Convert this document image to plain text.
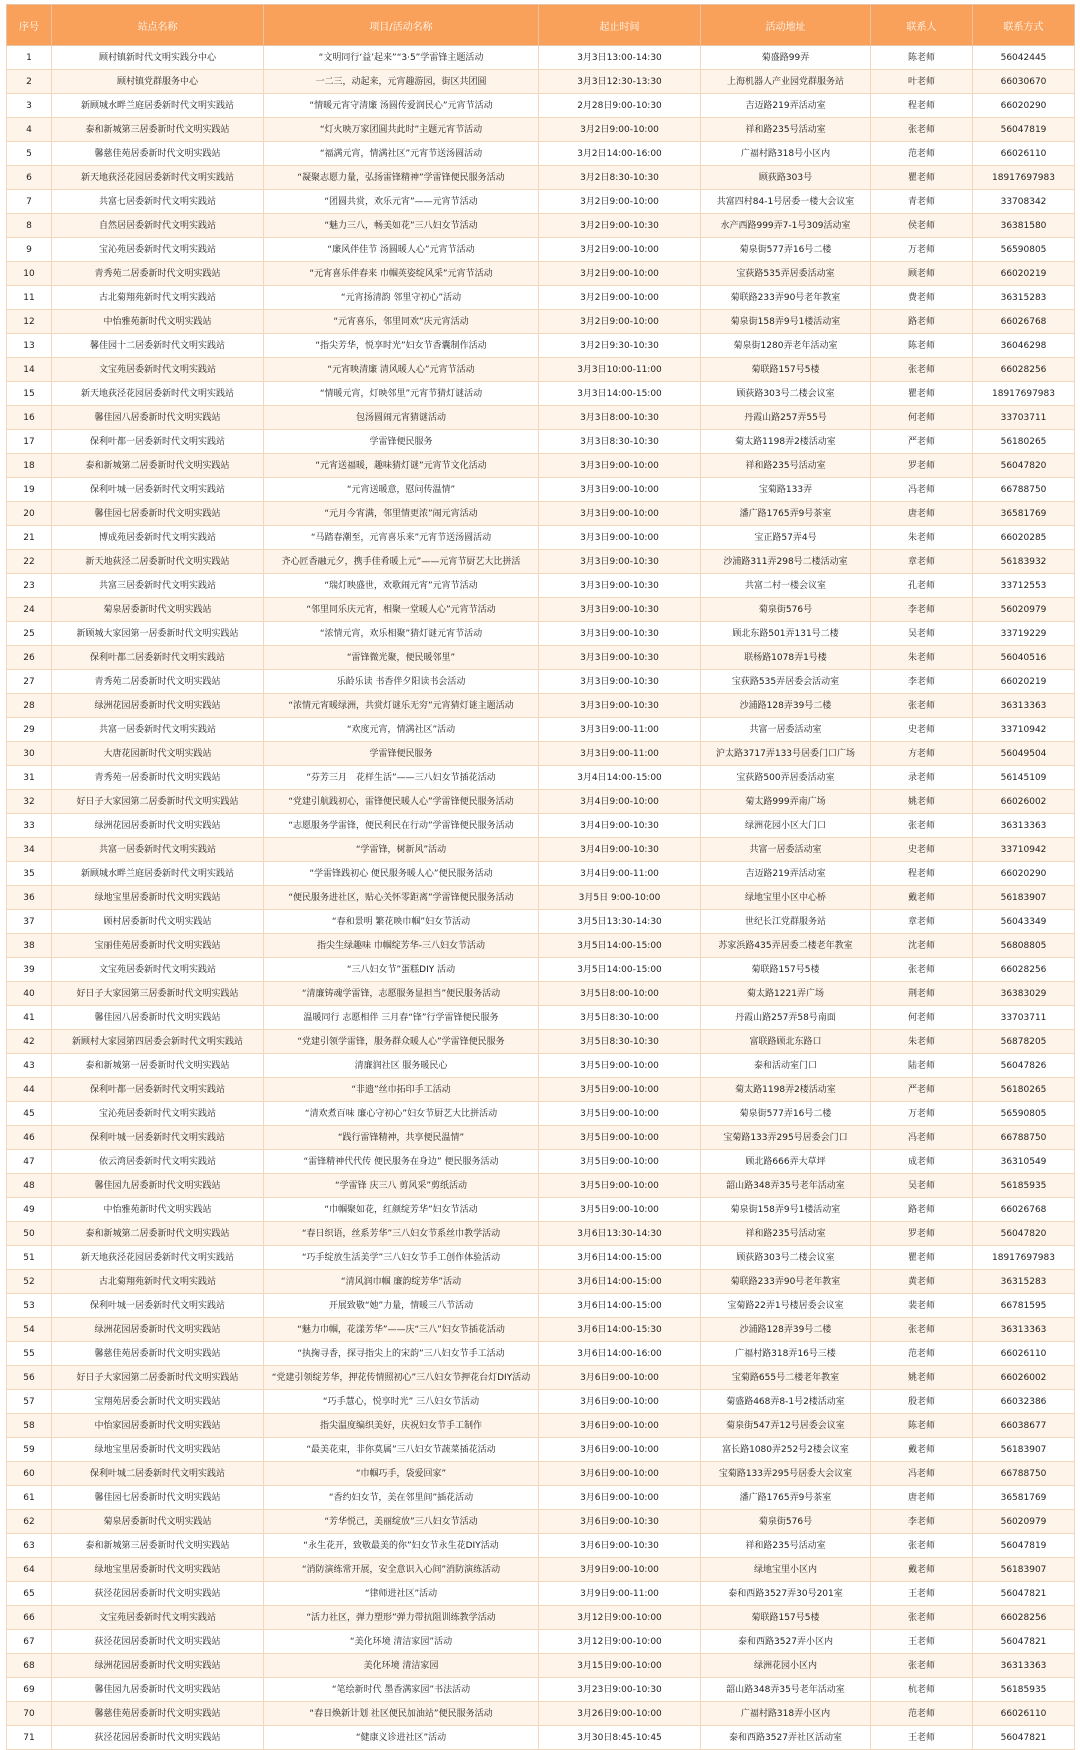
序号	站点名称	项目/活动名称	起止时间	活动地址	联系人	联系方式
1	顾村镇新时代文明实践分中心	“文明同行‘益’起来”“3·5”学雷锋主题活动	3月3日13:00-14:30	菊盛路99弄	陈老师	56042445
2	顾村镇党群服务中心	一二三，动起来，元宵趣游园，街区共团圆	3月3日12:30-13:30	上海机器人产业园党群服务站	叶老师	66030670
3	新顾城水畔兰庭居委新时代文明实践站	“情暖元宵守清廉 汤圆传爱润民心”元宵节活动	2月28日9:00-10:30	吉迈路219弄活动室	程老师	66020290
4	泰和新城第三居委新时代文明实践站	“灯火映万家团圆共此时”主题元宵节活动	3月2日9:00-10:00	祥和路235号活动室	张老师	56047819
5	馨慈佳苑居委新时代文明实践站	“福满元宵，情满社区”元宵节送汤圆活动	3月2日14:00-16:00	广福村路318号小区内	范老师	66026110
6	新天地荻泾花园居委新时代文明实践站	“凝聚志愿力量，弘扬雷锋精神”学雷锋便民服务活动	3月2日8:30-10:30	顾荻路303号	瞿老师	18917697983
7	共富七居委新时代文明实践站	“团圆共赏，欢乐元宵”——元宵节活动	3月2日9:00-10:00	共富四村84-1号居委一楼大会议室	青老师	33708342
8	自然居居委新时代文明实践站	“魅力三八，畅美如花”三八妇女节活动	3月2日9:00-10:30	水产西路999弄7-1号309活动室	侯老师	36381580
9	宝沁苑居委新时代文明实践站	“廉风伴佳节 汤圆暖人心”元宵节活动	3月2日9:00-10:00	菊泉街577弄16号二楼	万老师	56590805
10	青秀苑二居委新时代文明实践站	“元宵喜乐伴春来 巾帼英姿绽风采”元宵节活动	3月2日9:00-10:00	宝荻路535弄居委活动室	顾老师	66020219
11	古北菊翔苑新时代文明实践站	“元宵扬清韵 邻里守初心”活动	3月2日9:00-10:00	菊联路233弄90号老年教室	费老师	36315283
12	中怡雅苑新时代文明实践站	“元宵喜乐，邻里同欢”庆元宵活动	3月2日9:00-10:00	菊泉街158弄9号1楼活动室	路老师	66026768
13	馨佳园十二居委新时代文明实践站	“指尖芳华，悦享时光”妇女节香囊制作活动	3月2日9:30-10:30	菊泉街1280弄老年活动室	陈老师	36046298
14	文宝苑居委新时代文明实践站	“元宵映清廉 清风暖人心”元宵节活动	3月3日10:00-11:00	菊联路157号5楼	张老师	66028256
15	新天地荻泾花园居委新时代文明实践站	“情暖元宵，灯映邻里”元宵节猜灯谜活动	3月3日14:00-15:00	顾荻路303号二楼会议室	瞿老师	18917697983
16	馨佳园八居委新时代文明实践站	包汤圆闹元宵猜谜活动	3月3日8:00-10:30	丹霞山路257弄55号	何老师	33703711
17	保利叶都一居委新时代文明实践站	学雷锋便民服务	3月3日8:30-10:30	菊太路1198弄2楼活动室	严老师	56180265
18	泰和新城第二居委新时代文明实践站	“元宵送福暖，趣味猜灯谜”元宵节文化活动	3月3日9:00-10:00	祥和路235号活动室	罗老师	56047820
19	保利叶城一居委新时代文明实践站	“元宵送暖意，慰问传温情”	3月3日9:00-10:00	宝菊路133弄	冯老师	66788750
20	馨佳园七居委新时代文明实践站	“元月今宵满，邻里情更浓”闹元宵活动	3月3日9:00-10:00	潘广路1765弄9号茶室	唐老师	36581769
21	博成苑居委新时代文明实践站	“马踏春潮至，元宵喜乐来”元宵节送汤圆活动	3月3日9:00-10:00	宝正路57弄4号	朱老师	66020285
22	新天地荻泾二居委新时代文明实践站	齐心匠香融元夕，携手佳肴暖上元”——元宵节厨艺大比拼活	3月3日9:00-10:30	沙浦路311弄298号二楼活动室	章老师	56183932
23	共富三居委新时代文明实践站	“瑞灯映盛世，欢歌闹元宵”元宵节活动	3月3日9:00-10:30	共富二村一楼会议室	孔老师	33712553
24	菊泉居委新时代文明实践站	“邻里同乐庆元宵，相聚一堂暖人心”元宵节活动	3月3日9:00-10:30	菊泉街576号	李老师	56020979
25	新顾城大家园第一居委新时代文明实践站	“浓情元宵，欢乐相聚”猜灯谜元宵节活动	3月3日9:00-10:30	顾北东路501弄131号二楼	吴老师	33719229
26	保利叶都二居委新时代文明实践站	“雷锋微光聚，便民暖邻里”	3月3日9:00-10:30	联杨路1078弄1号楼	朱老师	56040516
27	青秀苑二居委新时代文明实践站	乐龄乐读 书香伴夕阳读书会活动	3月3日9:00-10:30	宝荻路535弄居委会活动室	李老师	66020219
28	绿洲花园居委新时代文明实践站	“浓情元宵暖绿洲，共赏灯谜乐无穷”元宵猜灯谜主题活动	3月3日9:00-10:30	沙浦路128弄39号二楼	张老师	36313363
29	共富一居委新时代文明实践站	“欢度元宵，情满社区”活动	3月3日9:00-11:00	共富一居委活动室	史老师	33710942
30	大唐花园新时代文明实践站	学雷锋便民服务	3月3日9:00-11:00	沪太路3717弄133号居委门口广场	方老师	56049504
31	青秀苑一居委新时代文明实践站	“芬芳三月　花样生活”——三八妇女节插花活动	3月4日14:00-15:00	宝荻路500弄居委活动室	录老师	56145109
32	好日子大家园第二居委新时代文明实践站	“党建引航践初心，雷锋便民暖人心”学雷锋便民服务活动	3月4日9:00-10:00	菊太路999弄南广场	姚老师	66026002
33	绿洲花园居委新时代文明实践站	“志愿服务学雷锋，便民利民在行动”学雷锋便民服务活动	3月4日9:00-10:30	绿洲花园小区大门口	张老师	36313363
34	共富一居委新时代文明实践站	“学雷锋，树新风”活动	3月4日9:00-10:30	共富一居委活动室	史老师	33710942
35	新顾城水畔兰庭居委新时代文明实践站	“学雷锋践初心 便民服务暖人心”便民服务活动	3月4日9:00-11:00	吉迈路219弄活动室	程老师	66020290
36	绿地宝里居委新时代文明实践站	“便民服务进社区，贴心关怀零距离”学雷锋便民服务活动	3月5日 9:00-10:00	绿地宝里小区中心桥	戴老师	56183907
37	顾村居委新时代文明实践站	“春和景明 繁花映巾帼”妇女节活动	3月5日13:30-14:30	世纪长江党群服务站	章老师	56043349
38	宝丽佳苑居委新时代文明实践站	指尖生绿趣味 巾帼绽芳华-三八妇女节活动	3月5日14:00-15:00	苏家浜路435弄居委二楼老年教室	沈老师	56808805
39	文宝苑居委新时代文明实践站	“三八妇女节”蛋糕DIY 活动	3月5日14:00-15:00	菊联路157号5楼	张老师	66028256
40	好日子大家园第三居委新时代文明实践站	“清廉铸魂学雷锋，志愿服务显担当”便民服务活动	3月5日8:00-10:00	菊太路1221弄广场	荆老师	36383029
41	馨佳园八居委新时代文明实践站	温暖同行 志愿相伴 三月春“锋”行学雷锋便民服务	3月5日8:30-10:00	丹霞山路257弄58号南面	何老师	33703711
42	新顾村大家园第四居委会新时代文明实践站	“党建引领学雷锋，服务群众暖人心”学雷锋便民服务	3月5日8:30-10:30	富联路顾北东路口	朱老师	56878205
43	泰和新城第一居委新时代文明实践站	清廉润社区 服务暖民心	3月5日9:00-10:00	泰和活动室门口	陆老师	56047826
44	保利叶都一居委新时代文明实践站	“非遗”丝巾拓印手工活动	3月5日9:00-10:00	菊太路1198弄2楼活动室	严老师	56180265
45	宝沁苑居委新时代文明实践站	“清欢煮百味 廉心守初心”妇女节厨艺大比拼活动	3月5日9:00-10:00	菊泉街577弄16号二楼	万老师	56590805
46	保利叶城一居委新时代文明实践站	“践行雷锋精神，共享便民温情”	3月5日9:00-10:00	宝菊路133弄295号居委会门口	冯老师	66788750
47	依云湾居委新时代文明实践站	“雷锋精神代代传 便民服务在身边” 便民服务活动	3月5日9:00-10:00	顾北路666弄大草坪	成老师	36310549
48	馨佳园九居委新时代文明实践站	“学雷锋 庆三八 剪风采”剪纸活动	3月5日9:00-10:00	韶山路348弄35号老年活动室	吴老师	56185935
49	中怡雅苑新时代文明实践站	“巾帼聚如花，红颜绽芳华”妇女节活动	3月5日9:00-10:00	菊泉街158弄9号1楼活动室	路老师	66026768
50	泰和新城第二居委新时代文明实践站	“春日织语，丝系芳华”三八妇女节系丝巾教学活动	3月6日13:30-14:30	祥和路235号活动室	罗老师	56047820
51	新天地荻泾花园居委新时代文明实践站	“巧手绽放生活美学”三八妇女节手工创作体验活动	3月6日14:00-15:00	顾荻路303号二楼会议室	瞿老师	18917697983
52	古北菊翔苑新时代文明实践站	“清风润巾帼 廉韵绽芳华”活动	3月6日14:00-15:00	菊联路233弄90号老年教室	黄老师	36315283
53	保利叶城一居委新时代文明实践站	开展致敬“她”力量，情暖三八节活动	3月6日14:00-15:00	宝菊路22弄1号楼居委会议室	裴老师	66781595
54	绿洲花园居委新时代文明实践站	“魅力巾帼，花漾芳华”——庆“三八”妇女节插花活动	3月6日14:00-15:30	沙浦路128弄39号二楼	张老师	36313363
55	馨慈佳苑居委新时代文明实践站	“执掬寻香，探寻指尖上的宋韵”三八妇女节手工活动	3月6日14:00-16:00	广福村路318弄16号三楼	范老师	66026110
56	好日子大家园第二居委新时代文明实践站	“党建引领绽芳华，押花传情照初心”三八妇女节押花台灯DIY活动	3月6日9:00-10:00	宝菊路655号二楼老年教室	姚老师	66026002
57	宝翔苑居委会新时代文明实践站	“巧手慧心，悦享时光” 三八妇女节活动	3月6日9:00-10:00	菊盛路468弄8-1号2楼活动室	殷老师	66032386
58	中怡家园居委新时代文明实践站	指尖温度编织美好，庆祝妇女节手工制作	3月6日9:00-10:00	菊泉街547弄12号居委会议室	陈老师	66038677
59	绿地宝里居委新时代文明实践站	“最美花束，非你莫属”三八妇女节蔬菜插花活动	3月6日9:00-10:00	富长路1080弄252号2楼会议室	戴老师	56183907
60	保利叶城二居委新时代文明实践站	“巾帼巧手，袋爱回家”	3月6日9:00-10:00	宝菊路133弄295号居委大会议室	冯老师	66788750
61	馨佳园七居委新时代文明实践站	“香约妇女节，美在邻里间”插花活动	3月6日9:00-10:00	潘广路1765弄9号茶室	唐老师	36581769
62	菊泉居委新时代文明实践站	“芳华悦己，美丽绽放”三八妇女节活动	3月6日9:00-10:30	菊泉街576号	李老师	56020979
63	泰和新城第三居委新时代文明实践站	“永生花开，致敬最美的你”妇女节永生花DIY活动	3月6日9:00-10:30	祥和路235号活动室	张老师	56047819
64	绿地宝里居委新时代文明实践站	“消防演练常开展，安全意识入心间”消防演练活动	3月9日9:00-10:00	绿地宝里小区内	戴老师	56183907
65	荻泾花园居委新时代文明实践站	“律师进社区”活动	3月9日9:00-11:00	泰和西路3527弄30号201室	王老师	56047821
66	文宝苑居委新时代文明实践站	“活力社区，弹力塑形”弹力带抗阻训练教学活动	3月12日9:00-10:00	菊联路157号5楼	张老师	66028256
67	荻泾花园居委新时代文明实践站	“美化环境 清洁家园”活动	3月12日9:00-10:00	泰和西路3527弄小区内	王老师	56047821
68	绿洲花园居委新时代文明实践站	美化环境 清洁家园	3月15日9:00-10:00	绿洲花园小区内	张老师	36313363
69	馨佳园九居委新时代文明实践站	“笔绘新时代 墨香满家园”书法活动	3月23日9:00-10:30	韶山路348弄35号老年活动室	杭老师	56185935
70	馨慈佳苑居委新时代文明实践站	“春日焕新计划 社区便民加油站”便民服务活动	3月26日9:00-10:00	广福村路318弄小区内	范老师	66026110
71	荻泾花园居委新时代文明实践站	“健康义诊进社区”活动	3月30日8:45-10:45	泰和西路3527弄社区活动室	王老师	56047821
